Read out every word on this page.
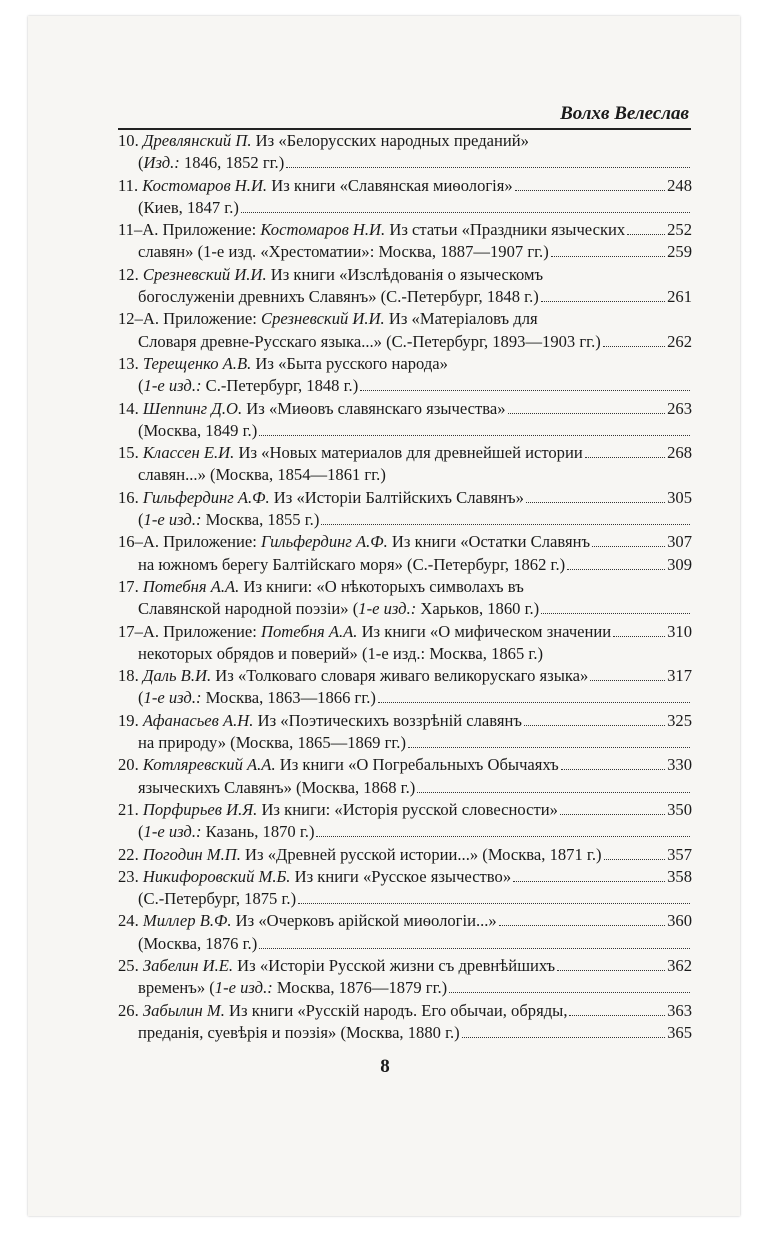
Волхв Велеслав
10. Древлянский П. Из «Белорусских народных преданий»
(Изд.: 1846, 1852 гг.)
11. Костомаров Н.И. Из книги «Славянская миѳологія»	248
(Киев, 1847 г.)
11–А. Приложение: Костомаров Н.И. Из статьи «Праздники языческих	252
славян» (1-е изд. «Хрестоматии»: Москва, 1887—1907 гг.)	259
12. Срезневский И.И. Из книги «Изслѣдованія о языческомъ
богослуженіи древнихъ Славянъ» (С.-Петербург, 1848 г.)	261
12–А. Приложение: Срезневский И.И. Из «Матеріаловъ для
Словаря древне-Русскаго языка...» (С.-Петербург, 1893—1903 гг.)	262
13. Терещенко А.В. Из «Быта русского народа»
(1-е изд.: С.-Петербург, 1848 г.)
14. Шеппинг Д.О. Из «Миѳовъ славянскаго язычества»	263
(Москва, 1849 г.)
15. Классен Е.И. Из «Новых материалов для древнейшей истории	268
славян...» (Москва, 1854—1861 гг.)
16. Гильфердинг А.Ф. Из «Исторіи Балтійскихъ Славянъ»	305
(1-е изд.: Москва, 1855 г.)
16–А. Приложение: Гильфердинг А.Ф. Из книги «Остатки Славянъ	307
на южномъ берегу Балтійскаго моря» (С.-Петербург, 1862 г.)	309
17. Потебня А.А. Из книги: «О нѣкоторыхъ символахъ въ
Славянской народной поэзіи» (1-е изд.: Харьков, 1860 г.)
17–А. Приложение: Потебня А.А. Из книги «О мифическом значении	310
некоторых обрядов и поверий» (1-е изд.: Москва, 1865 г.)
18. Даль В.И. Из «Толковаго словаря живаго великорускаго языка»	317
(1-е изд.: Москва, 1863—1866 гг.)
19. Афанасьев А.Н. Из «Поэтическихъ воззрѣній славянъ	325
на природу» (Москва, 1865—1869 гг.)
20. Котляревский А.А. Из книги «О Погребальныхъ Обычаяхъ	330
языческихъ Славянъ» (Москва, 1868 г.)
21. Порфирьев И.Я. Из книги: «Исторія русской словесности»	350
(1-е изд.: Казань, 1870 г.)
22. Погодин М.П. Из «Древней русской истории...» (Москва, 1871 г.)	357
23. Никифоровский М.Б. Из книги «Русское язычество»	358
(С.-Петербург, 1875 г.)
24. Миллер В.Ф. Из «Очерковъ арійской миѳологіи...»	360
(Москва, 1876 г.)
25. Забелин И.Е. Из «Исторіи Русской жизни съ древнѣйшихъ	362
временъ» (1-е изд.: Москва, 1876—1879 гг.)
26. Забылин М. Из книги «Русскій народъ. Его обычаи, обряды,	363
преданія, суевѣрія и поэзія» (Москва, 1880 г.)	365
8
